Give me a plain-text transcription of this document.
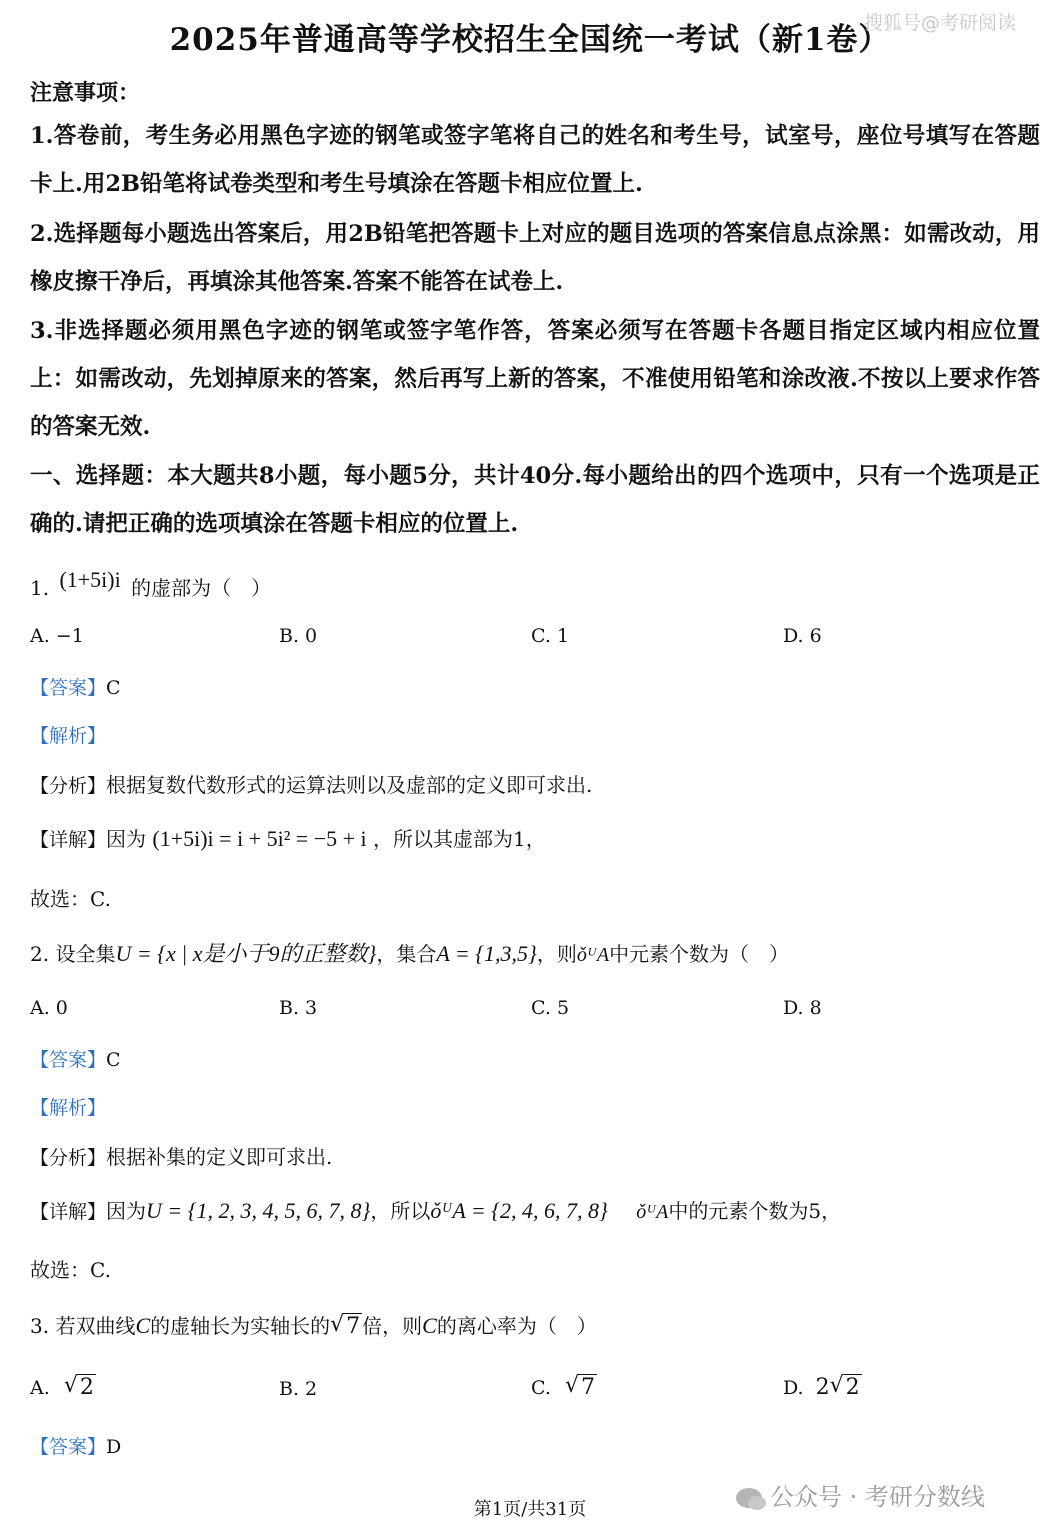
2025年普通高等学校招生全国统一考试（新1卷）
搜狐号@考研阅读
注意事项：
1.答卷前，考生务必用黑色字迹的钢笔或签字笔将自己的姓名和考生号，试室号，座位号填写在答题卡上.用2B铅笔将试卷类型和考生号填涂在答题卡相应位置上.
2.选择题每小题选出答案后，用2B铅笔把答题卡上对应的题目选项的答案信息点涂黑：如需改动，用橡皮擦干净后，再填涂其他答案.答案不能答在试卷上.
3.非选择题必须用黑色字迹的钢笔或签字笔作答，答案必须写在答题卡各题目指定区域内相应位置上：如需改动，先划掉原来的答案，然后再写上新的答案，不准使用铅笔和涂改液.不按以上要求作答的答案无效.
一、选择题：本大题共8小题，每小题5分，共计40分.每小题给出的四个选项中，只有一个选项是正确的.请把正确的选项填涂在答题卡相应的位置上.
1. (1+5i)i 的虚部为（　）
A. −1	B. 0	C. 1	D. 6
【答案】C
【解析】
【分析】根据复数代数形式的运算法则以及虚部的定义即可求出.
【详解】因为 (1+5i)i = i + 5i² = −5 + i ，所以其虚部为1，
故选：C.
2. 设全集U = {x | x是小于9的正整数}，集合A = {1,3,5}，则ǒᵁA中元素个数为（　）
A. 0	B. 3	C. 5	D. 8
【答案】C
【解析】
【分析】根据补集的定义即可求出.
【详解】因为U = {1, 2, 3, 4, 5, 6, 7, 8}，所以ǒᵁA = {2, 4, 6, 7, 8} ǒᵁA中的元素个数为5，
故选：C.
3. 若双曲线C的虚轴长为实轴长的 √ 7 倍，则C的离心率为（　）
A. √ 2	B. 2	C. √ 7	D. 2 √ 2
【答案】D
公众号 · 考研分数线
第1页/共31页
